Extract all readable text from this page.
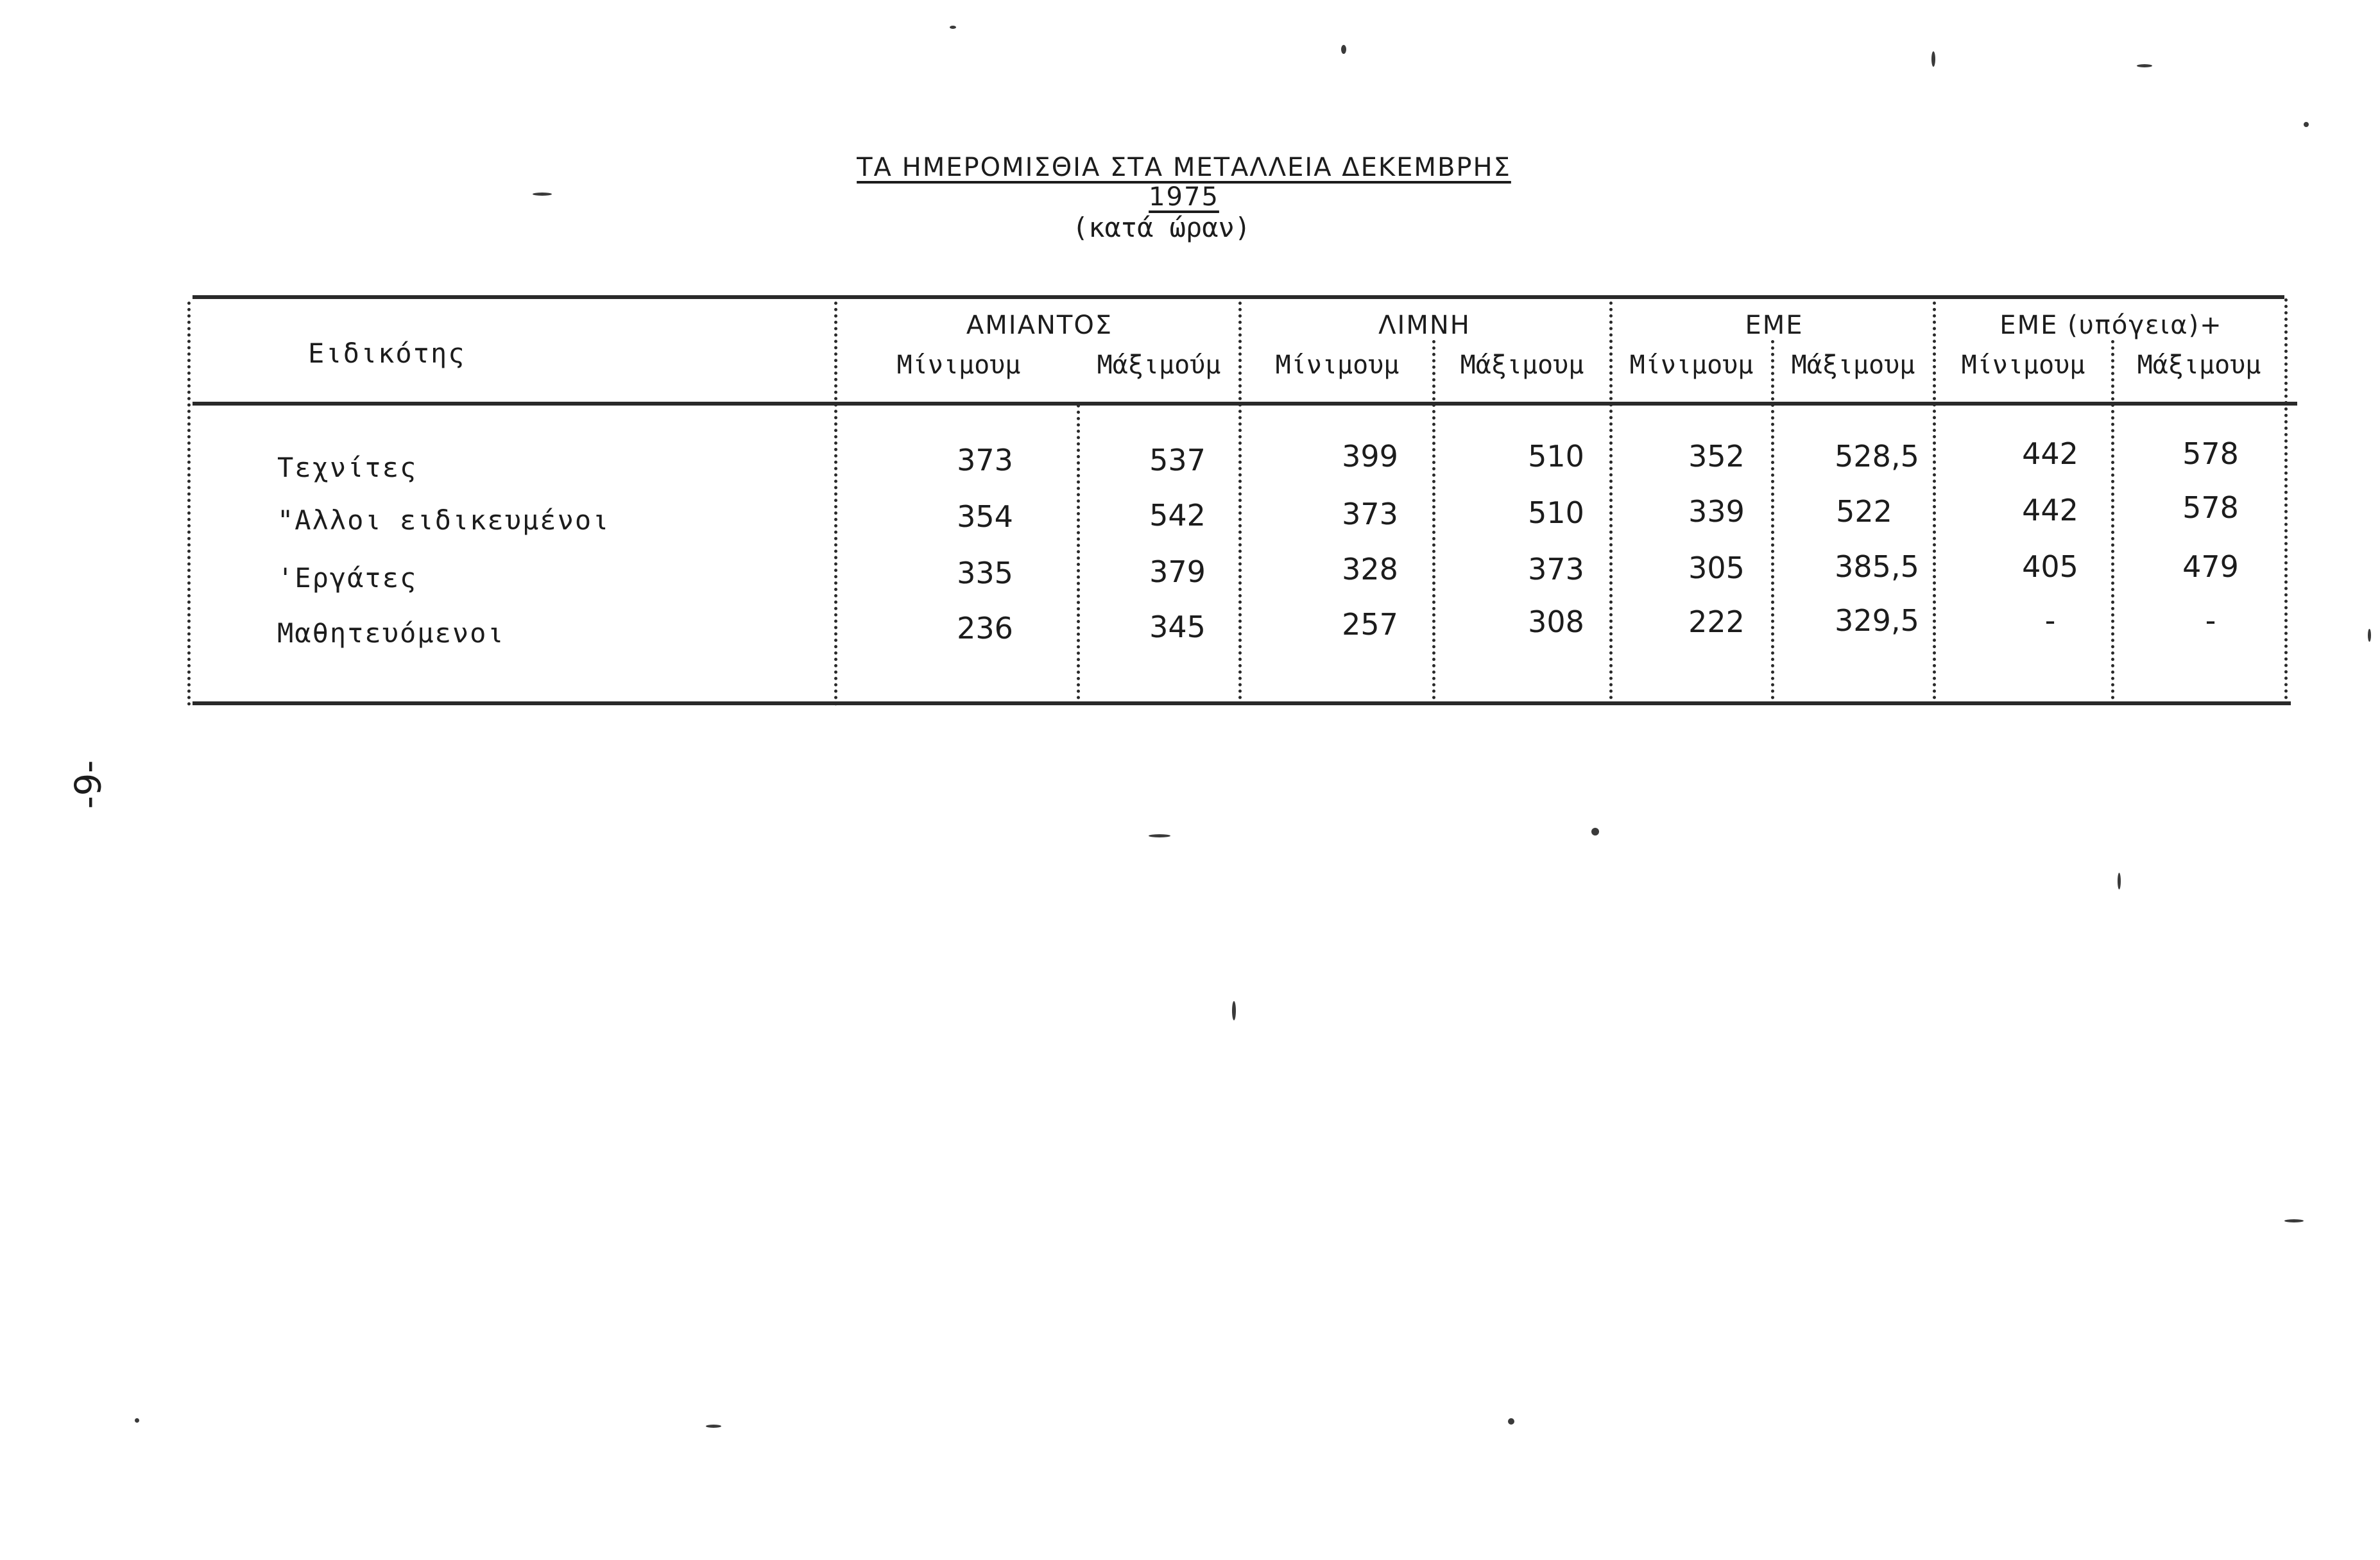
ΤΑ ΗΜΕΡΟΜΙΣΘΙΑ ΣΤΑ ΜΕΤΑΛΛΕΙΑ ΔΕΚΕΜΒΡΗΣ 1975
(κατά ώραν)
-9-
Ειδικότης
ΑΜΙΑΝΤΟΣ	ΛΙΜΝΗ	ΕΜΕ	ΕΜΕ (υπόγεια)+
Μίνιμουμ	Μάξιμούμ	Μίνιμουμ	Μάξιμουμ	Μίνιμουμ	Μάξιμουμ	Μίνιμουμ	Μάξιμουμ
Τεχνίτες	373	537	399	510	352	528,5	442	578
"Αλλοι ειδικευμένοι	354	542	373	510	339	522	442	578
'Εργάτες	335	379	328	373	305	385,5	405	479
Μαθητευόμενοι	236	345	257	308	222	329,5	-	-
